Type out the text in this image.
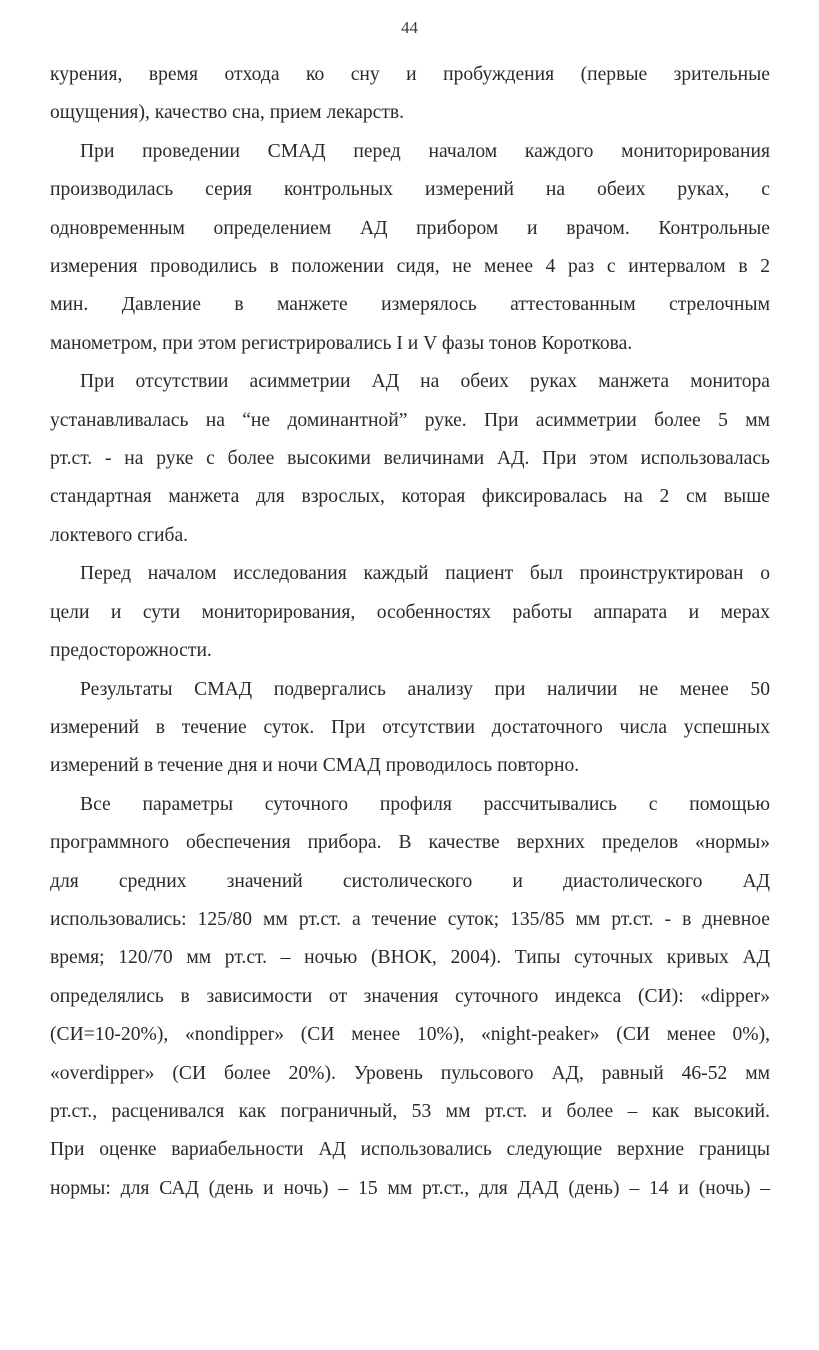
44

курения, время отхода ко сну и пробуждения (первые зрительные
ощущения), качество сна, прием лекарств.

При проведении СМАД перед началом каждого мониторирования
производилась серия контрольных измерений на обеих руках, с
одновременным определением АД прибором и врачом. Контрольные
измерения проводились в положении сидя, не менее 4 раз с интервалом в 2
мин. Давление в манжете измерялось аттестованным стрелочным
манометром, при этом регистрировались I и V фазы тонов Короткова.

При отсутствии асимметрии АД на обеих руках манжета монитора
устанавливалась на “не доминантной” руке. При асимметрии более 5 мм
рт.ст. - на руке с более высокими величинами АД. При этом использовалась
стандартная манжета для взрослых, которая фиксировалась на 2 см выше
локтевого сгиба.

Перед началом исследования каждый пациент был проинструктирован о
цели и сути мониторирования, особенностях работы аппарата и мерах
предосторожности.

Результаты СМАД подвергались анализу при наличии не менее 50
измерений в течение суток. При отсутствии достаточного числа успешных
измерений в течение дня и ночи СМАД проводилось повторно.

Все параметры суточного профиля рассчитывались с помощью
программного обеспечения прибора. В качестве верхних пределов «нормы»
для средних значений систолического и диастолического АД
использовались: 125/80 мм рт.ст. а течение суток; 135/85 мм рт.ст. - в дневное
время; 120/70 мм рт.ст. – ночью (ВНОК, 2004). Типы суточных кривых АД
определялись в зависимости от значения суточного индекса (СИ): «dipper»
(СИ=10-20%), «nondipper» (СИ менее 10%), «night-peaker» (СИ менее 0%),
«overdipper» (СИ более 20%). Уровень пульсового АД, равный 46-52 мм
рт.ст., расценивался как пограничный, 53 мм рт.ст. и более – как высокий.
При оценке вариабельности АД использовались следующие верхние границы
нормы: для САД (день и ночь) – 15 мм рт.ст., для ДАД (день) – 14 и (ночь) –
